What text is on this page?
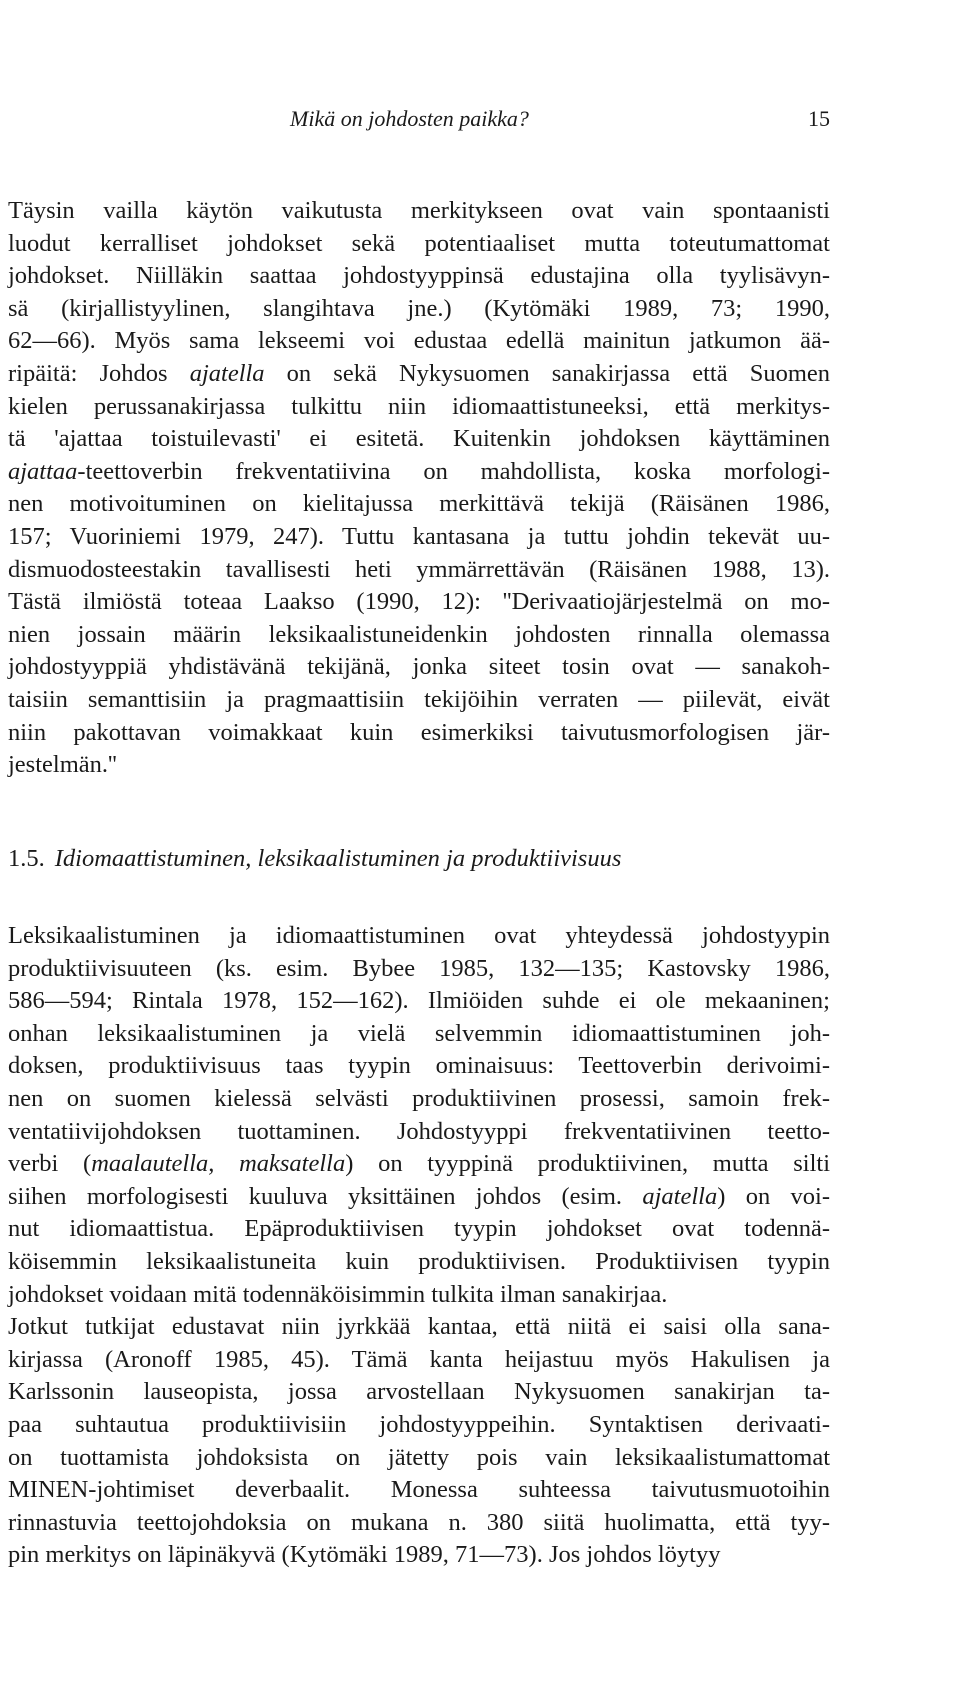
Mikä on johdosten paikka?	15
Täysin vailla käytön vaikutusta merkitykseen ovat vain spontaanisti
luodut kerralliset johdokset sekä potentiaaliset mutta toteutumattomat
johdokset. Niilläkin saattaa johdostyyppinsä edustajina olla tyylisävyn-
sä (kirjallistyylinen, slangihtava jne.) (Kytömäki 1989, 73; 1990,
62—66). Myös sama lekseemi voi edustaa edellä mainitun jatkumon ää-
ripäitä: Johdos ajatella on sekä Nykysuomen sanakirjassa että Suomen
kielen perussanakirjassa tulkittu niin idiomaattistuneeksi, että merkitys-
tä 'ajattaa toistuilevasti' ei esitetä. Kuitenkin johdoksen käyttäminen
ajattaa-teettoverbin frekventatiivina on mahdollista, koska morfologi-
nen motivoituminen on kielitajussa merkittävä tekijä (Räisänen 1986,
157; Vuoriniemi 1979, 247). Tuttu kantasana ja tuttu johdin tekevät uu-
dismuodosteestakin tavallisesti heti ymmärrettävän (Räisänen 1988, 13).
Tästä ilmiöstä toteaa Laakso (1990, 12): ''Derivaatiojärjestelmä on mo-
nien jossain määrin leksikaalistuneidenkin johdosten rinnalla olemassa
johdostyyppiä yhdistävänä tekijänä, jonka siteet tosin ovat — sanakoh-
taisiin semanttisiin ja pragmaattisiin tekijöihin verraten — piilevät, eivät
niin pakottavan voimakkaat kuin esimerkiksi taivutusmorfologisen jär-
jestelmän.''
1.5. Idiomaattistuminen, leksikaalistuminen ja produktiivisuus
Leksikaalistuminen ja idiomaattistuminen ovat yhteydessä johdostyypin
produktiivisuuteen (ks. esim. Bybee 1985, 132—135; Kastovsky 1986,
586—594; Rintala 1978, 152—162). Ilmiöiden suhde ei ole mekaaninen;
onhan leksikaalistuminen ja vielä selvemmin idiomaattistuminen joh-
doksen, produktiivisuus taas tyypin ominaisuus: Teettoverbin derivoimi-
nen on suomen kielessä selvästi produktiivinen prosessi, samoin frek-
ventatiivijohdoksen tuottaminen. Johdostyyppi frekventatiivinen teetto-
verbi (maalautella, maksatella) on tyyppinä produktiivinen, mutta silti
siihen morfologisesti kuuluva yksittäinen johdos (esim. ajatella) on voi-
nut idiomaattistua. Epäproduktiivisen tyypin johdokset ovat todennä-
köisemmin leksikaalistuneita kuin produktiivisen. Produktiivisen tyypin
johdokset voidaan mitä todennäköisimmin tulkita ilman sanakirjaa.
Jotkut tutkijat edustavat niin jyrkkää kantaa, että niitä ei saisi olla sana-
kirjassa (Aronoff 1985, 45). Tämä kanta heijastuu myös Hakulisen ja
Karlssonin lauseopista, jossa arvostellaan Nykysuomen sanakirjan ta-
paa suhtautua produktiivisiin johdostyyppeihin. Syntaktisen derivaati-
on tuottamista johdoksista on jätetty pois vain leksikaalistumattomat
MINEN-johtimiset deverbaalit. Monessa suhteessa taivutusmuotoihin
rinnastuvia teettojohdoksia on mukana n. 380 siitä huolimatta, että tyy-
pin merkitys on läpinäkyvä (Kytömäki 1989, 71—73). Jos johdos löytyy
